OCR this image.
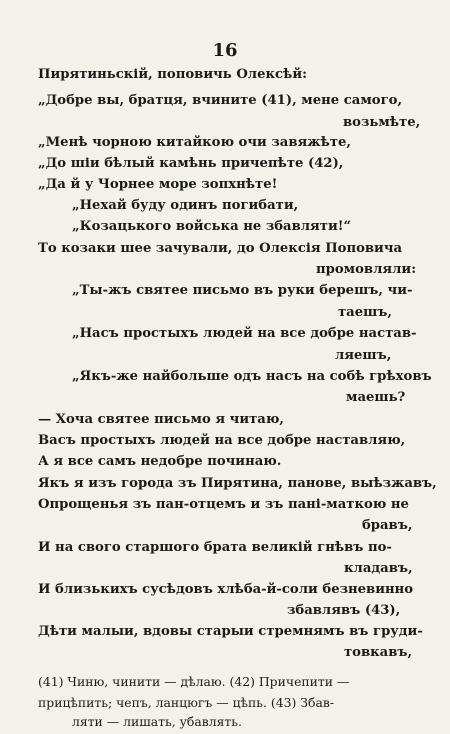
16
Пирятиньскій, поповичь Олексѣй:
„Добре вы, братця, вчините (41), мене самого,
возьмѣте,
„Менѣ чорною китайкою очи завяжѣте,
„До шіи бѣлый камѣнь причепѣте (42),
„Да й у Чорнее море зопхнѣте!
„Нехай буду одинъ погибати,
„Козацького войська не збавляти!“
То козаки шее зачували, до Олексія Поповича
промовляли:
„Ты-жъ святее письмо въ руки берешъ, чи-
таешъ,
„Насъ простыхъ людей на все добре настав-
ляешъ,
„Якъ-же найбольше одъ насъ на собѣ грѣховъ
маешь?
— Хоча святее письмо я читаю,
Васъ простыхъ людей на все добре наставляю,
А я все самъ недобре починаю.
Якъ я изъ города зъ Пирятина, панове, выѣзжавъ,
Опрощенья зъ пан-отцемъ и зъ пані-маткою не
бравъ,
И на свого старшого брата великій гнѣвъ по-
кладавъ,
И близькихъ сусѣдовъ хлѣба-й-соли безневинно
збавлявъ (43),
Дѣти малыи, вдовы старыи стремнямъ въ груди-
товкавъ,
(41) Чиню, чинити — дѣлаю. (42) Причепити —
прицѣпить; чепъ, ланцюгъ — цѣпь. (43) Збав-
ляти — лишать, убавлять.
